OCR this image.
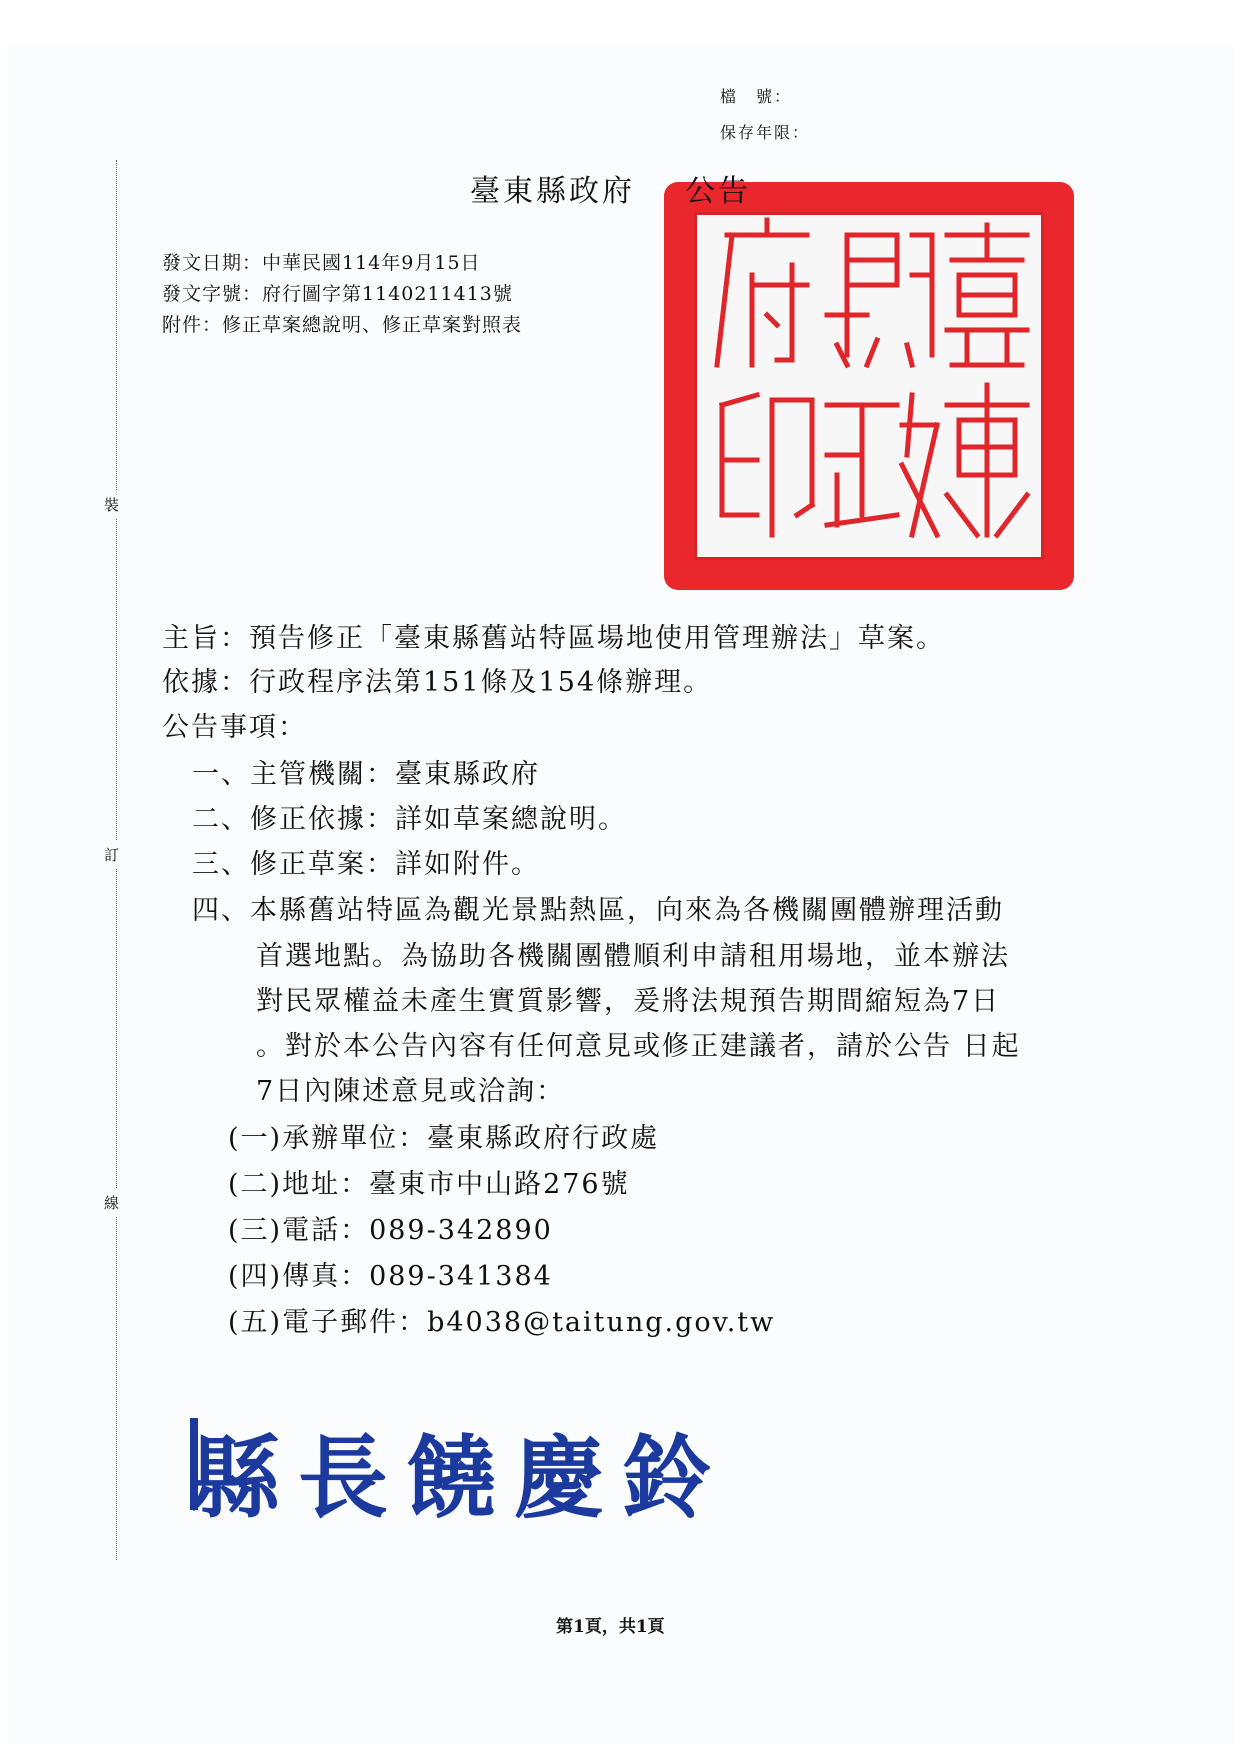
檔　號：
保存年限：
裝
訂
線
臺東縣政府 公告
發文日期：中華民國114年9月15日
發文字號：府行圖字第1140211413號
附件：修正草案總說明、修正草案對照表
主旨：預告修正「臺東縣舊站特區場地使用管理辦法」草案。
依據：行政程序法第151條及154條辦理。
公告事項：
一、主管機關：臺東縣政府
二、修正依據：詳如草案總說明。
三、修正草案：詳如附件。
四、本縣舊站特區為觀光景點熱區，向來為各機關團體辦理活動
首選地點。為協助各機關團體順利申請租用場地，並本辦法
對民眾權益未產生實質影響，爰將法規預告期間縮短為7日
。對於本公告內容有任何意見或修正建議者，請於公告 日起
7日內陳述意見或洽詢：
(一)承辦單位：臺東縣政府行政處
(二)地址：臺東市中山路276號
(三)電話：089-342890
(四)傳真：089-341384
(五)電子郵件：b4038@taitung.gov.tw
縣長饒慶鈴
第1頁，共1頁
